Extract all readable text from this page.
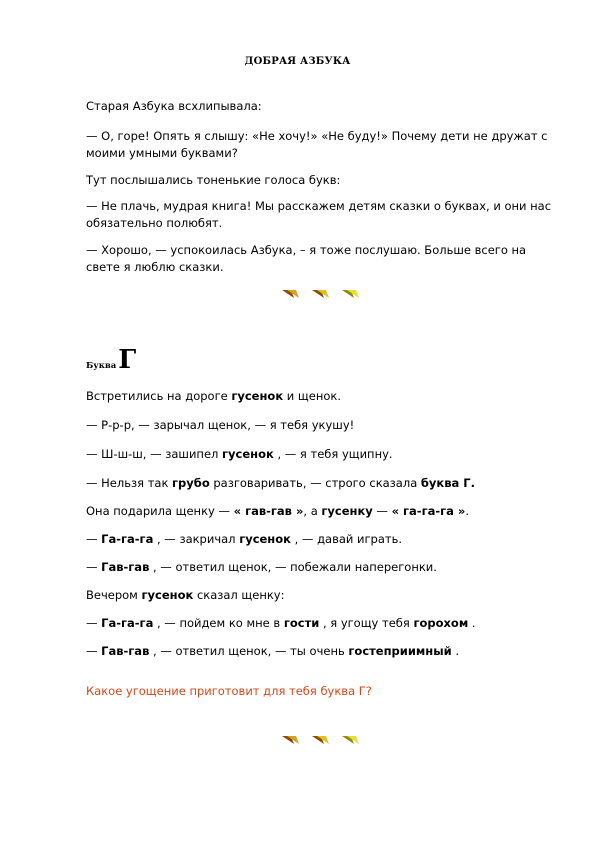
ДОБРАЯ АЗБУКА

Старая Азбука всхлипывала:

— О, горе! Опять я слышу: «Не хочу!» «Не буду!» Почему дети не дружат с моими умными буквами?

Тут послышались тоненькие голоса букв:

— Не плачь, мудрая книга! Мы расскажем детям сказки о буквах, и они нас обязательно полюбят.

— Хорошо, — успокоилась Азбука, – я тоже послушаю. Больше всего на свете я люблю сказки.

Буква Г

Встретились на дороге гусенок и щенок.

— Р-р-р, — зарычал щенок, — я тебя укушу!

— Ш-ш-ш, — зашипел гусенок , — я тебя ущипну.

— Нельзя так грубо разговаривать, — строго сказала буква Г.

Она подарила щенку — « гав-гав », а гусенку — « га-га-га ».

— Га-га-га , — закричал гусенок , — давай играть.

— Гав-гав , — ответил щенок, — побежали наперегонки.

Вечером гусенок сказал щенку:

— Га-га-га , — пойдем ко мне в гости , я угощу тебя горохом .

— Гав-гав , — ответил щенок, — ты очень гостеприимный .

Какое угощение приготовит для тебя буква Г?
